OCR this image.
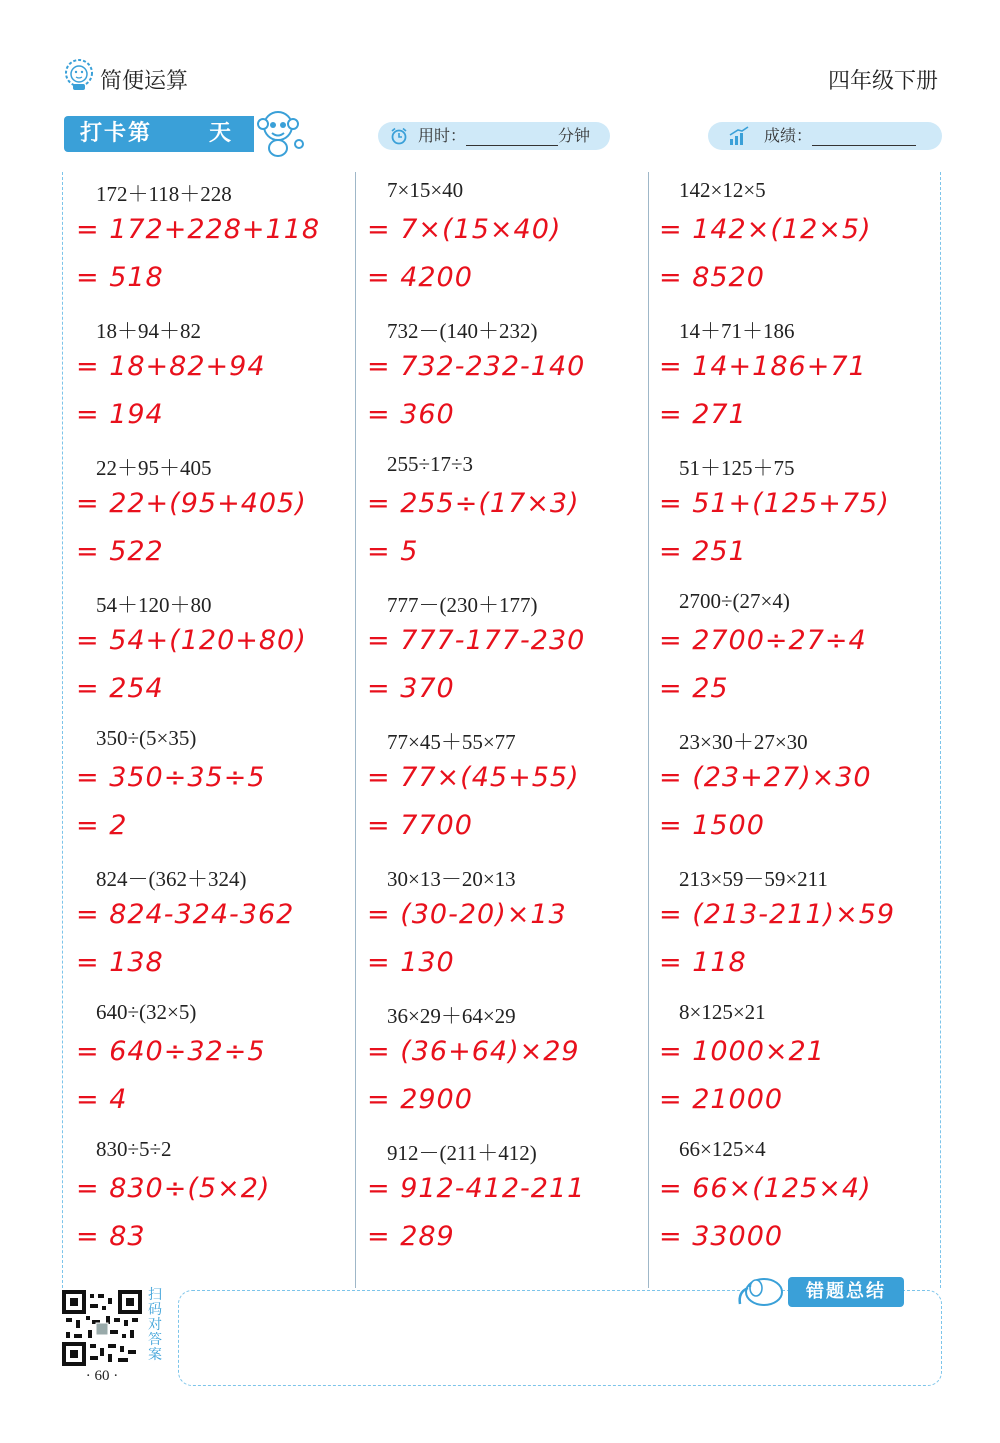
简便运算	四年级下册
打卡第	天	用时：	分钟	成绩：
172＋118＋228
= 172+228+118
= 518
18＋94＋82
= 18+82+94
= 194
22＋95＋405
= 22+(95+405)
= 522
54＋120＋80
= 54+(120+80)
= 254
350÷(5×35)
= 350÷35÷5
= 2
824－(362＋324)
= 824-324-362
= 138
640÷(32×5)
= 640÷32÷5
= 4
830÷5÷2
= 830÷(5×2)
= 83
7×15×40
= 7×(15×40)
= 4200
732－(140＋232)
= 732-232-140
= 360
255÷17÷3
= 255÷(17×3)
= 5
777－(230＋177)
= 777-177-230
= 370
77×45＋55×77
= 77×(45+55)
= 7700
30×13－20×13
= (30-20)×13
= 130
36×29＋64×29
= (36+64)×29
= 2900
912－(211＋412)
= 912-412-211
= 289
142×12×5
= 142×(12×5)
= 8520
14＋71＋186
= 14+186+71
= 271
51＋125＋75
= 51+(125+75)
= 251
2700÷(27×4)
= 2700÷27÷4
= 25
23×30＋27×30
= (23+27)×30
= 1500
213×59－59×211
= (213-211)×59
= 118
8×125×21
= 1000×21
= 21000
66×125×4
= 66×(125×4)
= 33000
错题总结
扫码对答案
· 60 ·
